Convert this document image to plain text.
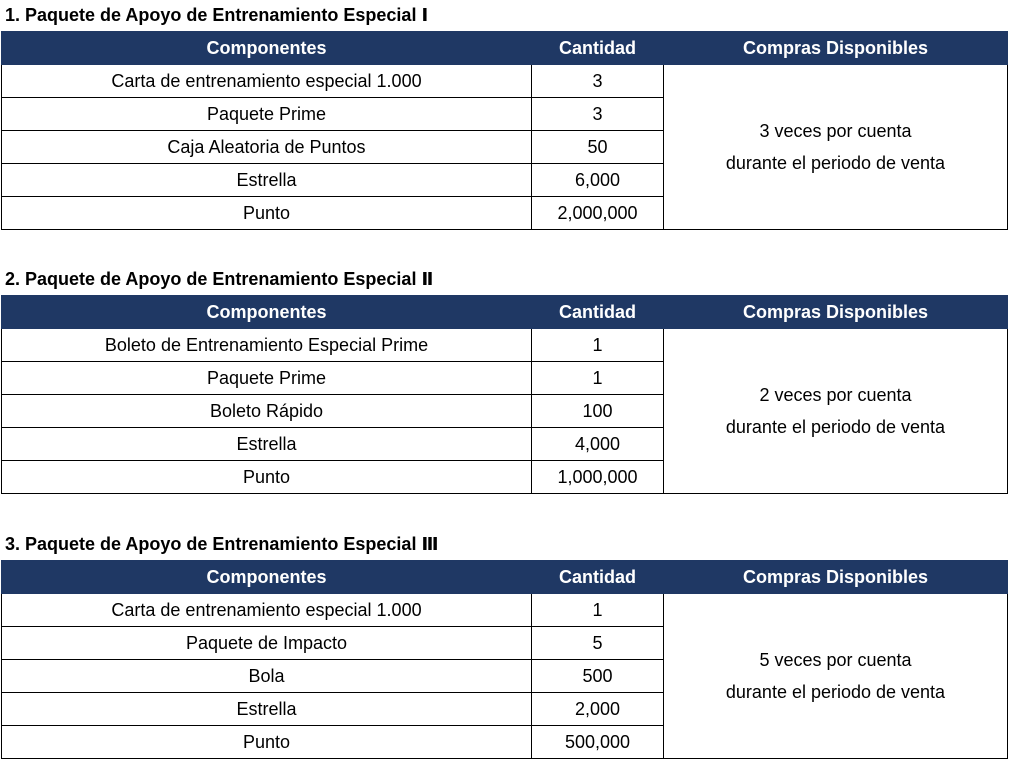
1. Paquete de Apoyo de Entrenamiento Especial Ⅰ
Componentes	Cantidad	Compras Disponibles
Carta de entrenamiento especial 1.000	3	3 veces por cuenta
durante el periodo de venta

Paquete Prime	3	
Caja Aleatoria de Puntos	50	
Estrella	6,000	
Punto	2,000,000	
2. Paquete de Apoyo de Entrenamiento Especial Ⅱ
Componentes	Cantidad	Compras Disponibles
Boleto de Entrenamiento Especial Prime	1	2 veces por cuenta
durante el periodo de venta

Paquete Prime	1	
Boleto Rápido	100	
Estrella	4,000	
Punto	1,000,000	
3. Paquete de Apoyo de Entrenamiento Especial Ⅲ
Componentes	Cantidad	Compras Disponibles
Carta de entrenamiento especial 1.000	1	5 veces por cuenta
durante el periodo de venta

Paquete de Impacto	5	
Bola	500	
Estrella	2,000	
Punto	500,000	
